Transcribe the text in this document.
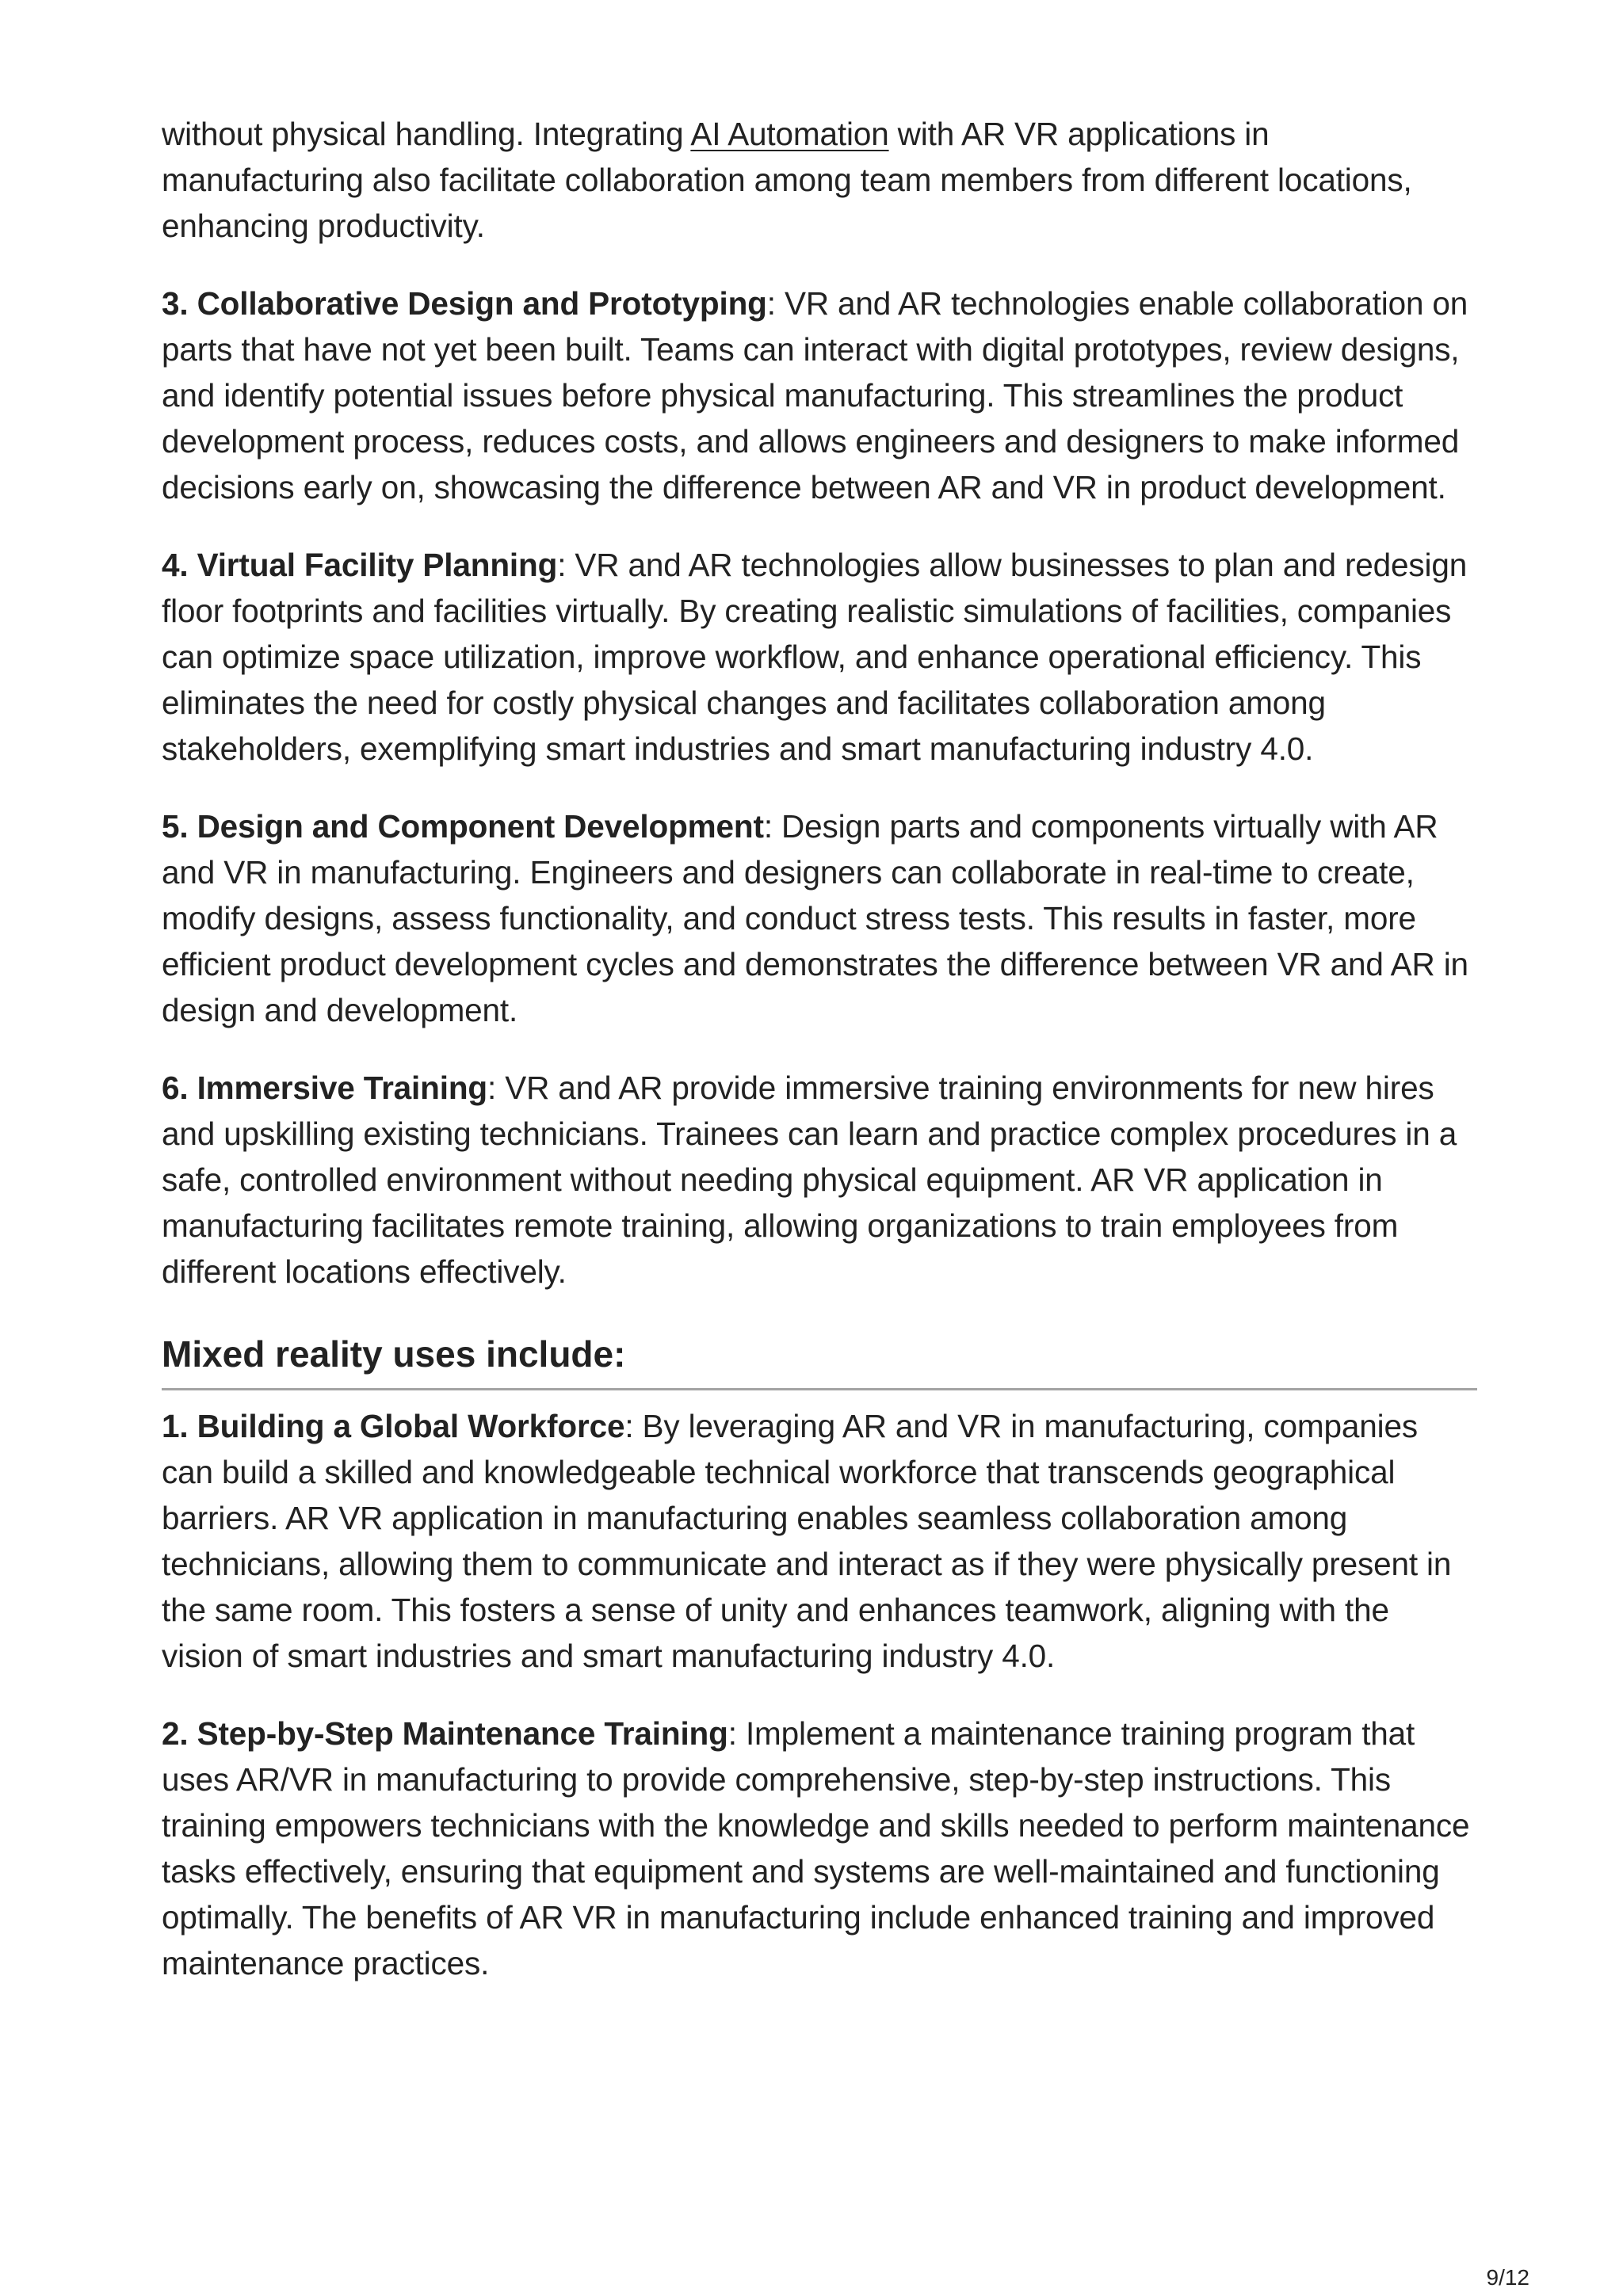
without physical handling. Integrating AI Automation with AR VR applications in manufacturing also facilitate collaboration among team members from different locations, enhancing productivity.

3. Collaborative Design and Prototyping: VR and AR technologies enable collaboration on parts that have not yet been built. Teams can interact with digital prototypes, review designs, and identify potential issues before physical manufacturing. This streamlines the product development process, reduces costs, and allows engineers and designers to make informed decisions early on, showcasing the difference between AR and VR in product development.

4. Virtual Facility Planning: VR and AR technologies allow businesses to plan and redesign floor footprints and facilities virtually. By creating realistic simulations of facilities, companies can optimize space utilization, improve workflow, and enhance operational efficiency. This eliminates the need for costly physical changes and facilitates collaboration among stakeholders, exemplifying smart industries and smart manufacturing industry 4.0.

5. Design and Component Development: Design parts and components virtually with AR and VR in manufacturing. Engineers and designers can collaborate in real-time to create, modify designs, assess functionality, and conduct stress tests. This results in faster, more efficient product development cycles and demonstrates the difference between VR and AR in design and development.

6. Immersive Training: VR and AR provide immersive training environments for new hires and upskilling existing technicians. Trainees can learn and practice complex procedures in a safe, controlled environment without needing physical equipment. AR VR application in manufacturing facilitates remote training, allowing organizations to train employees from different locations effectively.

Mixed reality uses include:

1. Building a Global Workforce: By leveraging AR and VR in manufacturing, companies can build a skilled and knowledgeable technical workforce that transcends geographical barriers. AR VR application in manufacturing enables seamless collaboration among technicians, allowing them to communicate and interact as if they were physically present in the same room. This fosters a sense of unity and enhances teamwork, aligning with the vision of smart industries and smart manufacturing industry 4.0.

2. Step-by-Step Maintenance Training: Implement a maintenance training program that uses AR/VR in manufacturing to provide comprehensive, step-by-step instructions. This training empowers technicians with the knowledge and skills needed to perform maintenance tasks effectively, ensuring that equipment and systems are well-maintained and functioning optimally. The benefits of AR VR in manufacturing include enhanced training and improved maintenance practices.

9/12
